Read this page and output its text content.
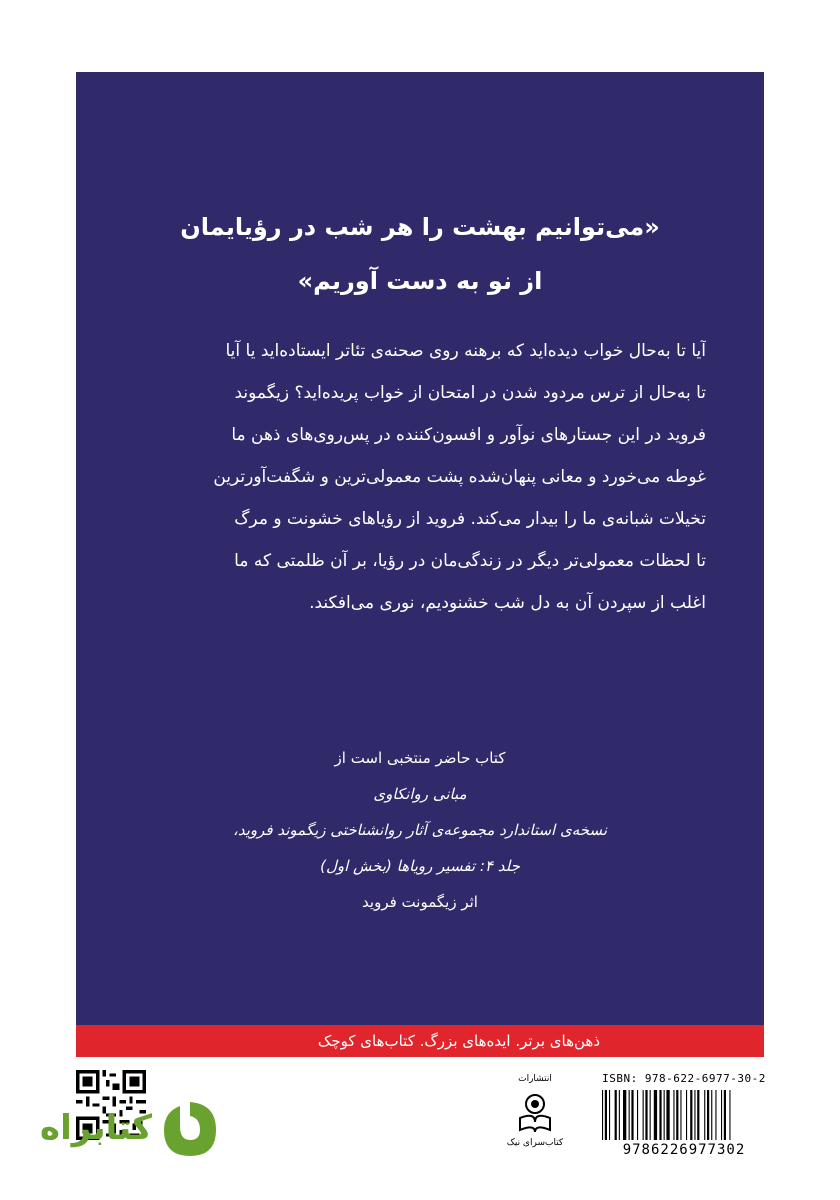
«می‌توانیم بهشت را هر شب در رؤیایمان
از نو به دست آوریم»
آیا تا به‌حال خواب دیده‌اید که برهنه روی صحنه‌ی تئاتر ایستاده‌اید یا آیا
تا به‌حال از ترس مردود شدن در امتحان از خواب پریده‌اید؟ زیگموند
فروید در این جستارهای نوآور و افسون‌کننده در پس‌روی‌های ذهن ما
غوطه می‌خورد و معانی پنهان‌شده پشت معمولی‌ترین و شگفت‌آورترین
تخیلات شبانه‌ی ما را بیدار می‌کند. فروید از رؤیاهای خشونت و مرگ
تا لحظات معمولی‌تر دیگر در زندگی‌مان در رؤیا، بر آن ظلمتی که ما
اغلب از سپردن آن به دل شب خشنودیم، نوری می‌افکند.
کتاب حاضر منتخبی است از
مبانی روانکاوی
نسخه‌ی استاندارد مجموعه‌ی آثار روانشناختی زیگموند فروید،
جلد ۴: تفسیر رویاها (بخش اول)
اثر زیگمونت فروید
ذهن‌های برتر. ایده‌های بزرگ. کتاب‌های کوچک
ISBN: 978-622-6977-30-2
9786226977302
انتشارات
کتاب‌سرای نیک
کتابراه
